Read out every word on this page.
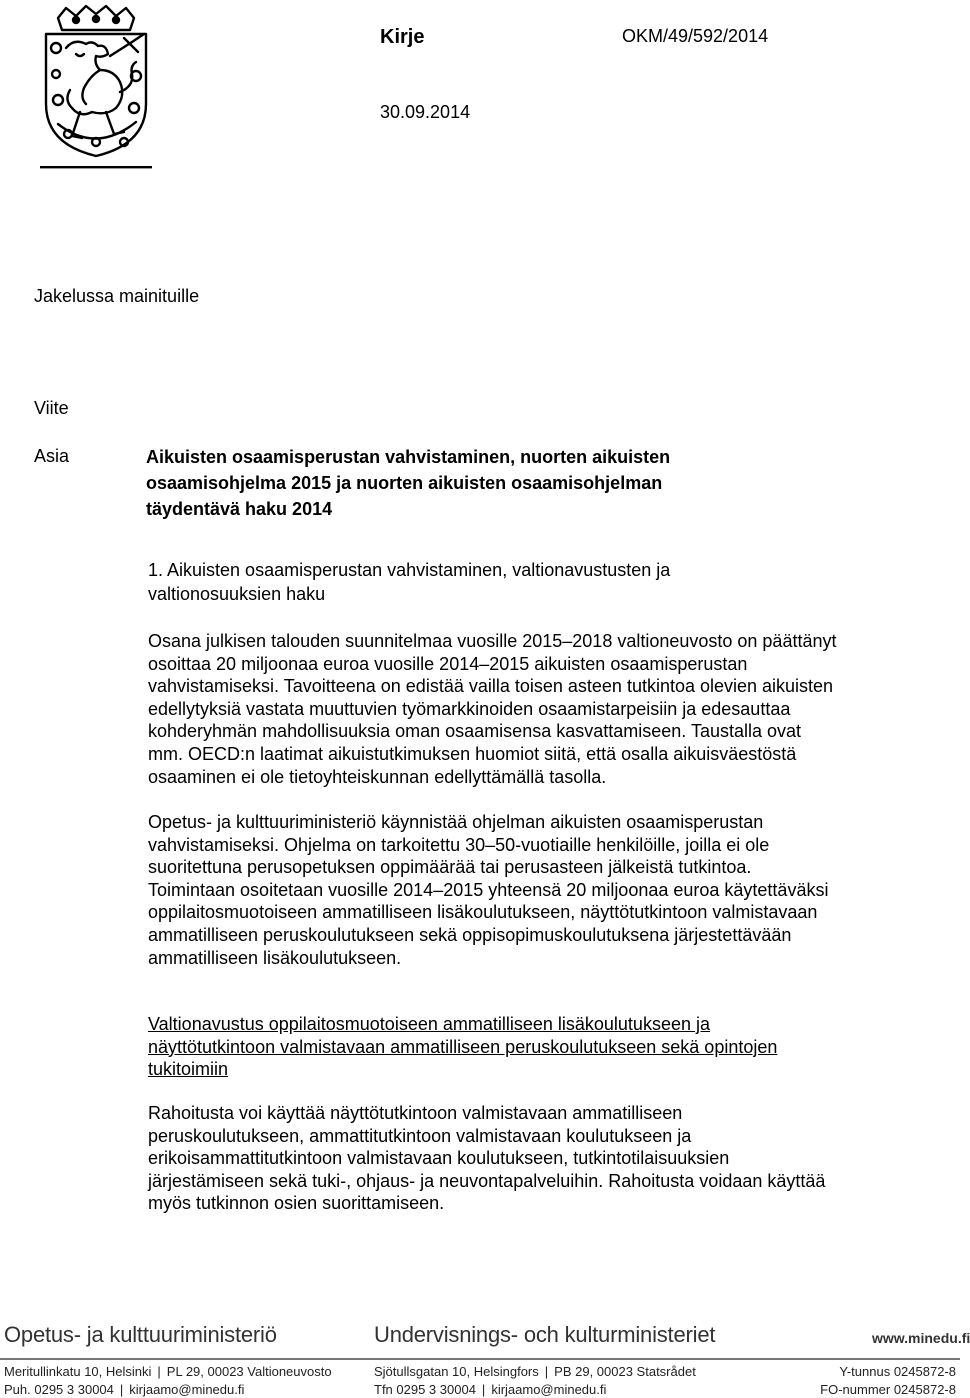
Kirje	OKM/49/592/2014
30.09.2014
Jakelussa mainituille
Viite
Asia	Aikuisten osaamisperustan vahvistaminen, nuorten aikuisten
osaamisohjelma 2015 ja nuorten aikuisten osaamisohjelman
täydentävä haku 2014
1. Aikuisten osaamisperustan vahvistaminen, valtionavustusten ja
valtionosuuksien haku

Osana julkisen talouden suunnitelmaa vuosille 2015–2018 valtioneuvosto on päättänyt

osoittaa 20 miljoonaa euroa vuosille 2014–2015 aikuisten osaamisperustan

vahvistamiseksi. Tavoitteena on edistää vailla toisen asteen tutkintoa olevien aikuisten

edellytyksiä vastata muuttuvien työmarkkinoiden osaamistarpeisiin ja edesauttaa

kohderyhmän mahdollisuuksia oman osaamisensa kasvattamiseen. Taustalla ovat

mm. OECD:n laatimat aikuistutkimuksen huomiot siitä, että osalla aikuisväestöstä

osaaminen ei ole tietoyhteiskunnan edellyttämällä tasolla.

Opetus- ja kulttuuriministeriö käynnistää ohjelman aikuisten osaamisperustan

vahvistamiseksi. Ohjelma on tarkoitettu 30–50-vuotiaille henkilöille, joilla ei ole

suoritettuna perusopetuksen oppimäärää tai perusasteen jälkeistä tutkintoa.

Toimintaan osoitetaan vuosille 2014–2015 yhteensä 20 miljoonaa euroa käytettäväksi

oppilaitosmuotoiseen ammatilliseen lisäkoulutukseen, näyttötutkintoon valmistavaan

ammatilliseen peruskoulutukseen sekä oppisopimuskoulutuksena järjestettävään

ammatilliseen lisäkoulutukseen.

Valtionavustus oppilaitosmuotoiseen ammatilliseen lisäkoulutukseen ja

näyttötutkintoon valmistavaan ammatilliseen peruskoulutukseen sekä opintojen

tukitoimiin

Rahoitusta voi käyttää näyttötutkintoon valmistavaan ammatilliseen

peruskoulutukseen, ammattitutkintoon valmistavaan koulutukseen ja

erikoisammattitutkintoon valmistavaan koulutukseen, tutkintotilaisuuksien

järjestämiseen sekä tuki-, ohjaus- ja neuvontapalveluihin. Rahoitusta voidaan käyttää

myös tutkinnon osien suorittamiseen.

Opetus- ja kulttuuriministeriö	Undervisnings- och kulturministeriet	www.minedu.fi
Meritullinkatu 10, Helsinki | PL 29, 00023 Valtioneuvosto
Puh. 0295 3 30004 | kirjaamo@minedu.fi
Sjötullsgatan 10, Helsingfors | PB 29, 00023 Statsrådet
Tfn 0295 3 30004 | kirjaamo@minedu.fi
Y-tunnus 0245872-8
FO-nummer 0245872-8
